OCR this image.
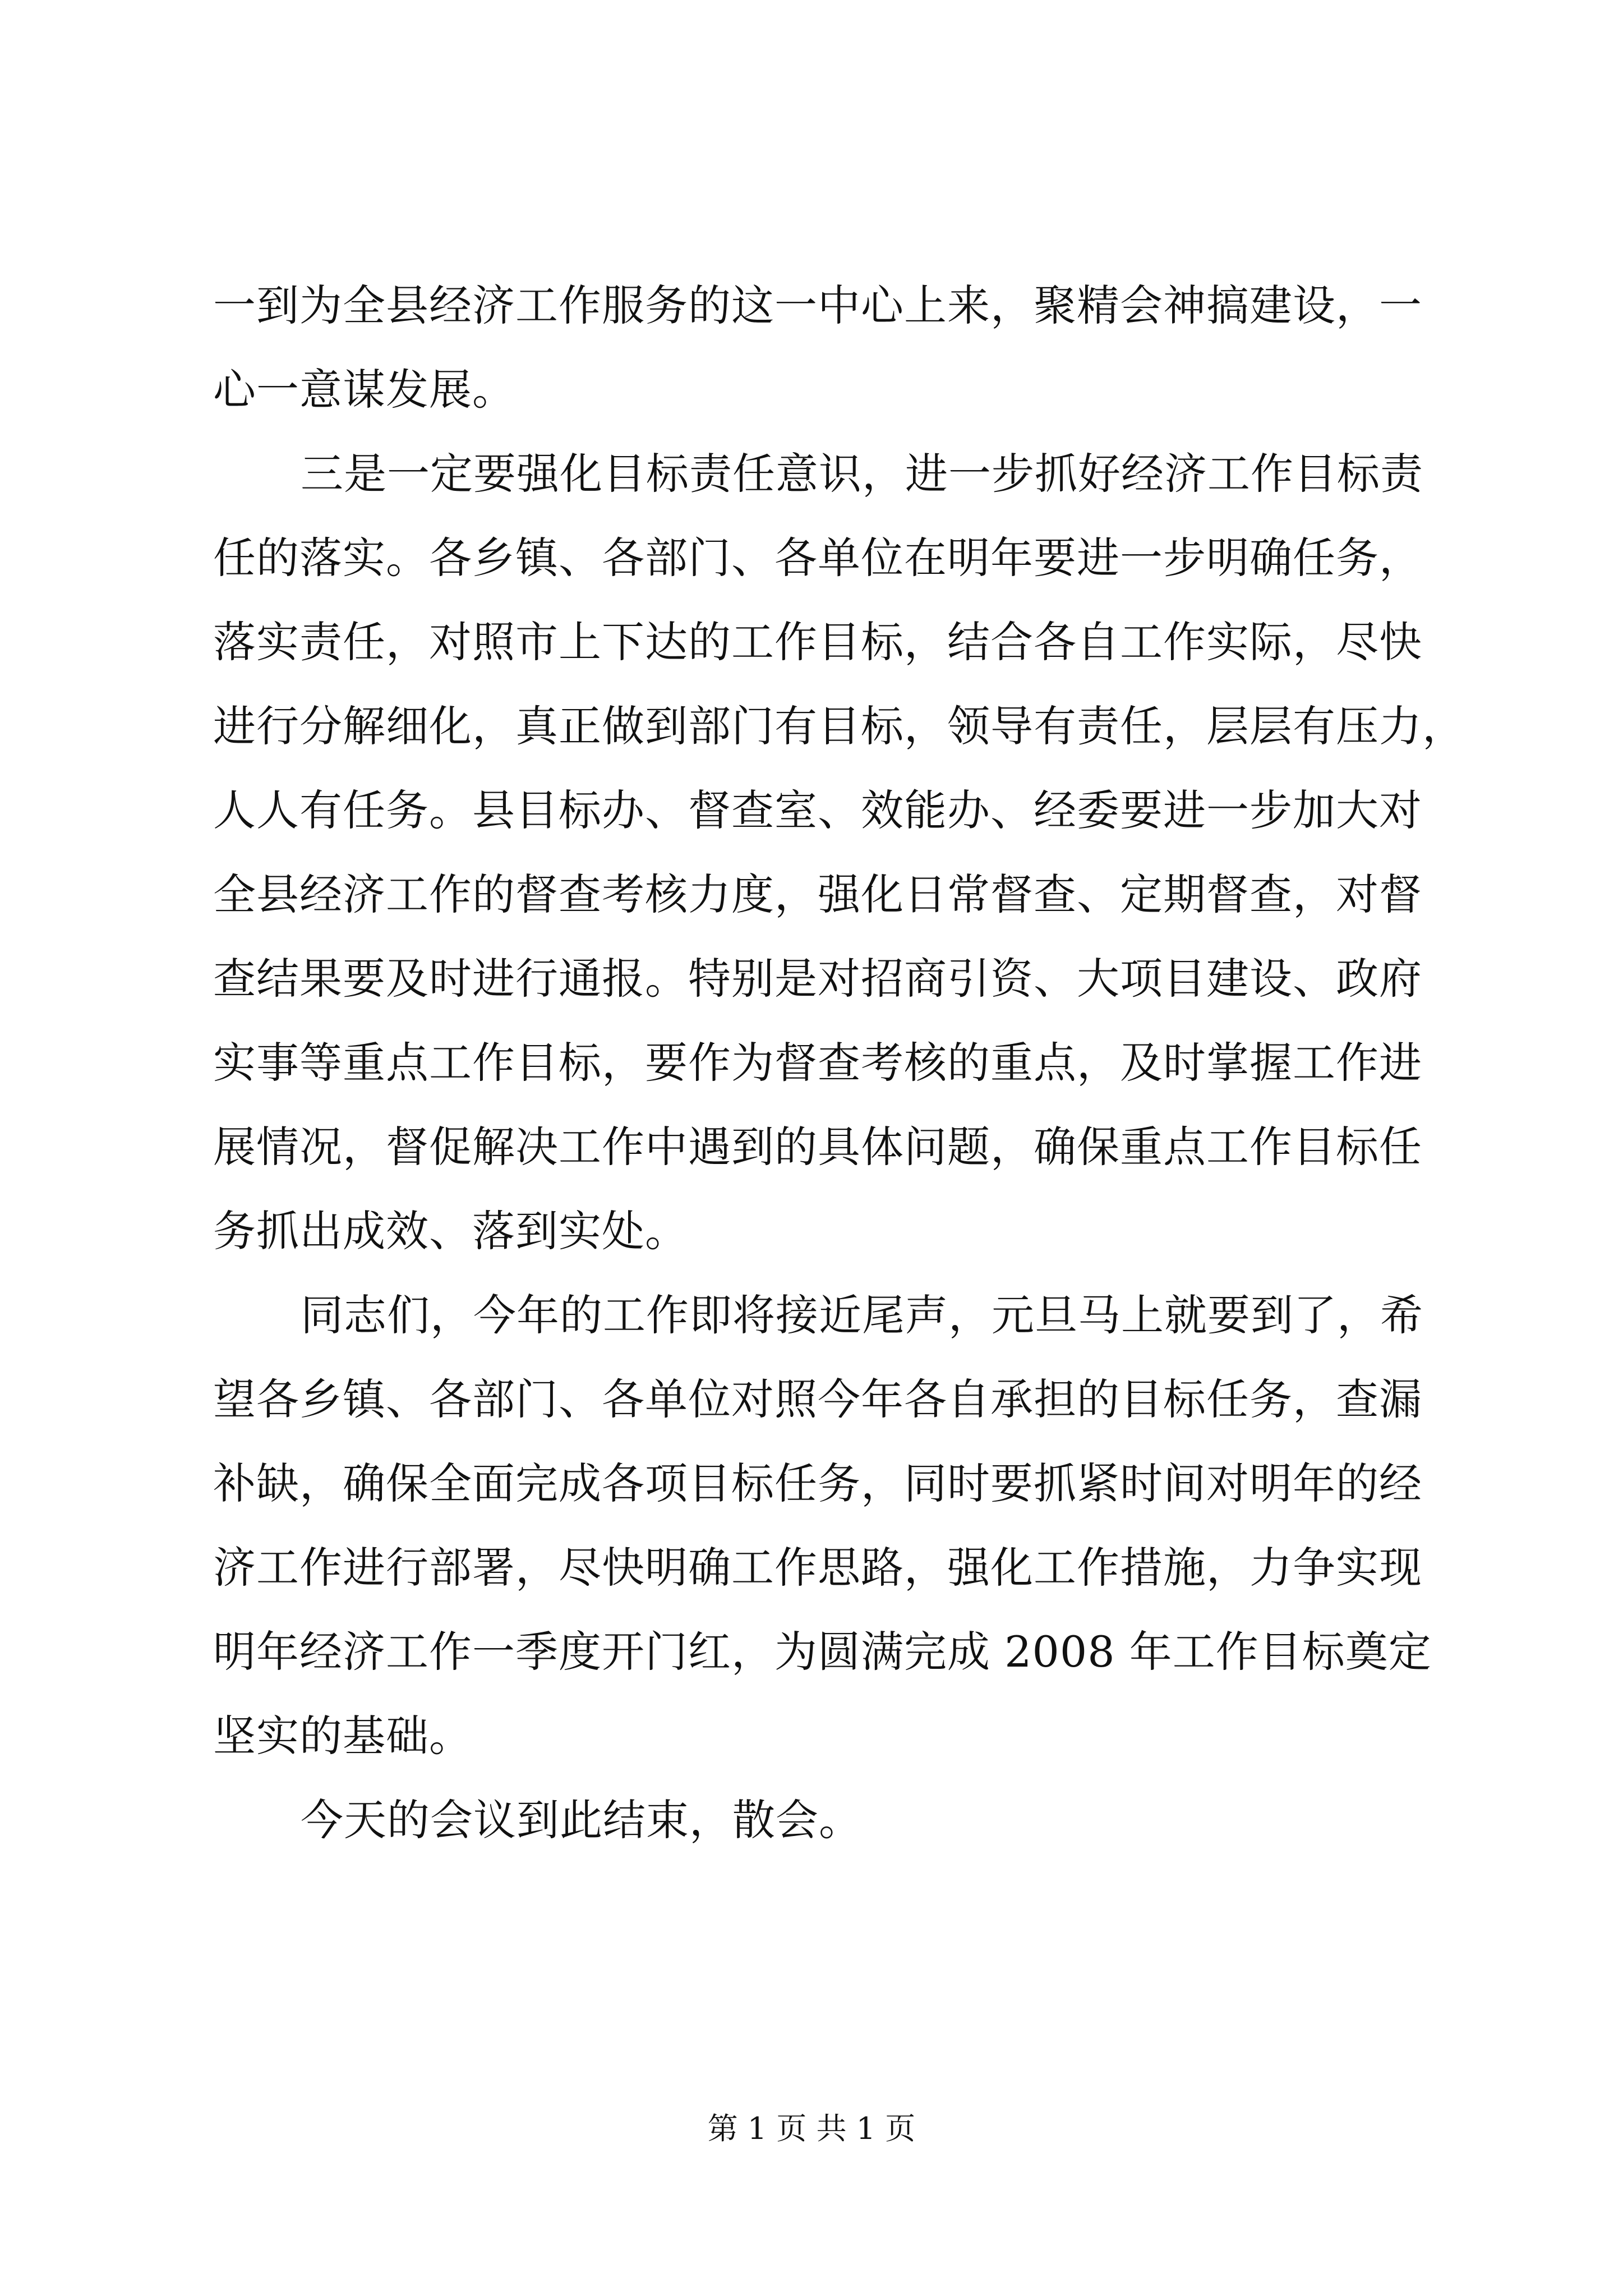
一到为全县经济工作服务的这一中心上来，聚精会神搞建设，一
心一意谋发展。
三是一定要强化目标责任意识，进一步抓好经济工作目标责
任的落实。各乡镇、各部门、各单位在明年要进一步明确任务，
落实责任，对照市上下达的工作目标，结合各自工作实际，尽快
进行分解细化，真正做到部门有目标，领导有责任，层层有压力，
人人有任务。县目标办、督查室、效能办、经委要进一步加大对
全县经济工作的督查考核力度，强化日常督查、定期督查，对督
查结果要及时进行通报。特别是对招商引资、大项目建设、政府
实事等重点工作目标，要作为督查考核的重点，及时掌握工作进
展情况，督促解决工作中遇到的具体问题，确保重点工作目标任
务抓出成效、落到实处。
同志们，今年的工作即将接近尾声，元旦马上就要到了，希
望各乡镇、各部门、各单位对照今年各自承担的目标任务，查漏
补缺，确保全面完成各项目标任务，同时要抓紧时间对明年的经
济工作进行部署，尽快明确工作思路，强化工作措施，力争实现
明年经济工作一季度开门红，为圆满完成 2008 年工作目标奠定
坚实的基础。
今天的会议到此结束，散会。
第 1 页 共 1 页
